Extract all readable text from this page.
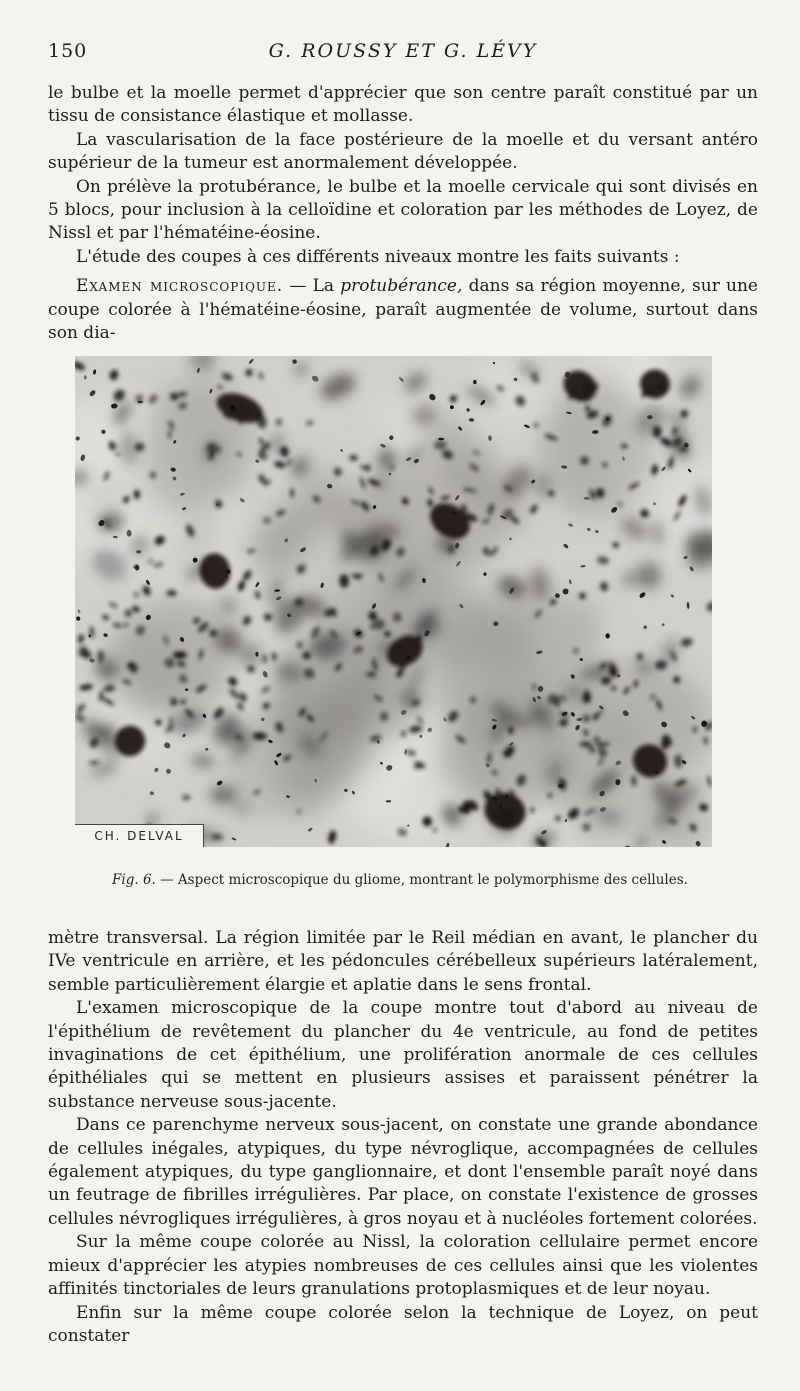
150	G. ROUSSY ET G. LÉVY

le bulbe et la moelle permet d'apprécier que son centre paraît constitué par un tissu de consistance élastique et mollasse.

La vascularisation de la face postérieure de la moelle et du versant antéro supérieur de la tumeur est anormalement développée.

On prélève la protubérance, le bulbe et la moelle cervicale qui sont divisés en 5 blocs, pour inclusion à la celloïdine et coloration par les méthodes de Loyez, de Nissl et par l'hématéine-éosine.

L'étude des coupes à ces différents niveaux montre les faits suivants :

Examen microscopique. — La protubérance, dans sa région moyenne, sur une coupe colorée à l'hématéine-éosine, paraît augmentée de volume, surtout dans son dia-

CH. DELVAL
Fig. 6. — Aspect microscopique du gliome, montrant le polymorphisme des cellules.

mètre transversal. La région limitée par le Reil médian en avant, le plancher du IVe ventricule en arrière, et les pédoncules cérébelleux supérieurs latéralement, semble particulièrement élargie et aplatie dans le sens frontal.

L'examen microscopique de la coupe montre tout d'abord au niveau de l'épithélium de revêtement du plancher du 4e ventricule, au fond de petites invaginations de cet épithélium, une prolifération anormale de ces cellules épithéliales qui se mettent en plusieurs assises et paraissent pénétrer la substance nerveuse sous-jacente.

Dans ce parenchyme nerveux sous-jacent, on constate une grande abondance de cellules inégales, atypiques, du type névroglique, accompagnées de cellules également atypiques, du type ganglionnaire, et dont l'ensemble paraît noyé dans un feutrage de fibrilles irrégulières. Par place, on constate l'existence de grosses cellules névrogliques irrégulières, à gros noyau et à nucléoles fortement colorées.

Sur la même coupe colorée au Nissl, la coloration cellulaire permet encore mieux d'apprécier les atypies nombreuses de ces cellules ainsi que les violentes affinités tinctoriales de leurs granulations protoplasmiques et de leur noyau.

Enfin sur la même coupe colorée selon la technique de Loyez, on peut constater
